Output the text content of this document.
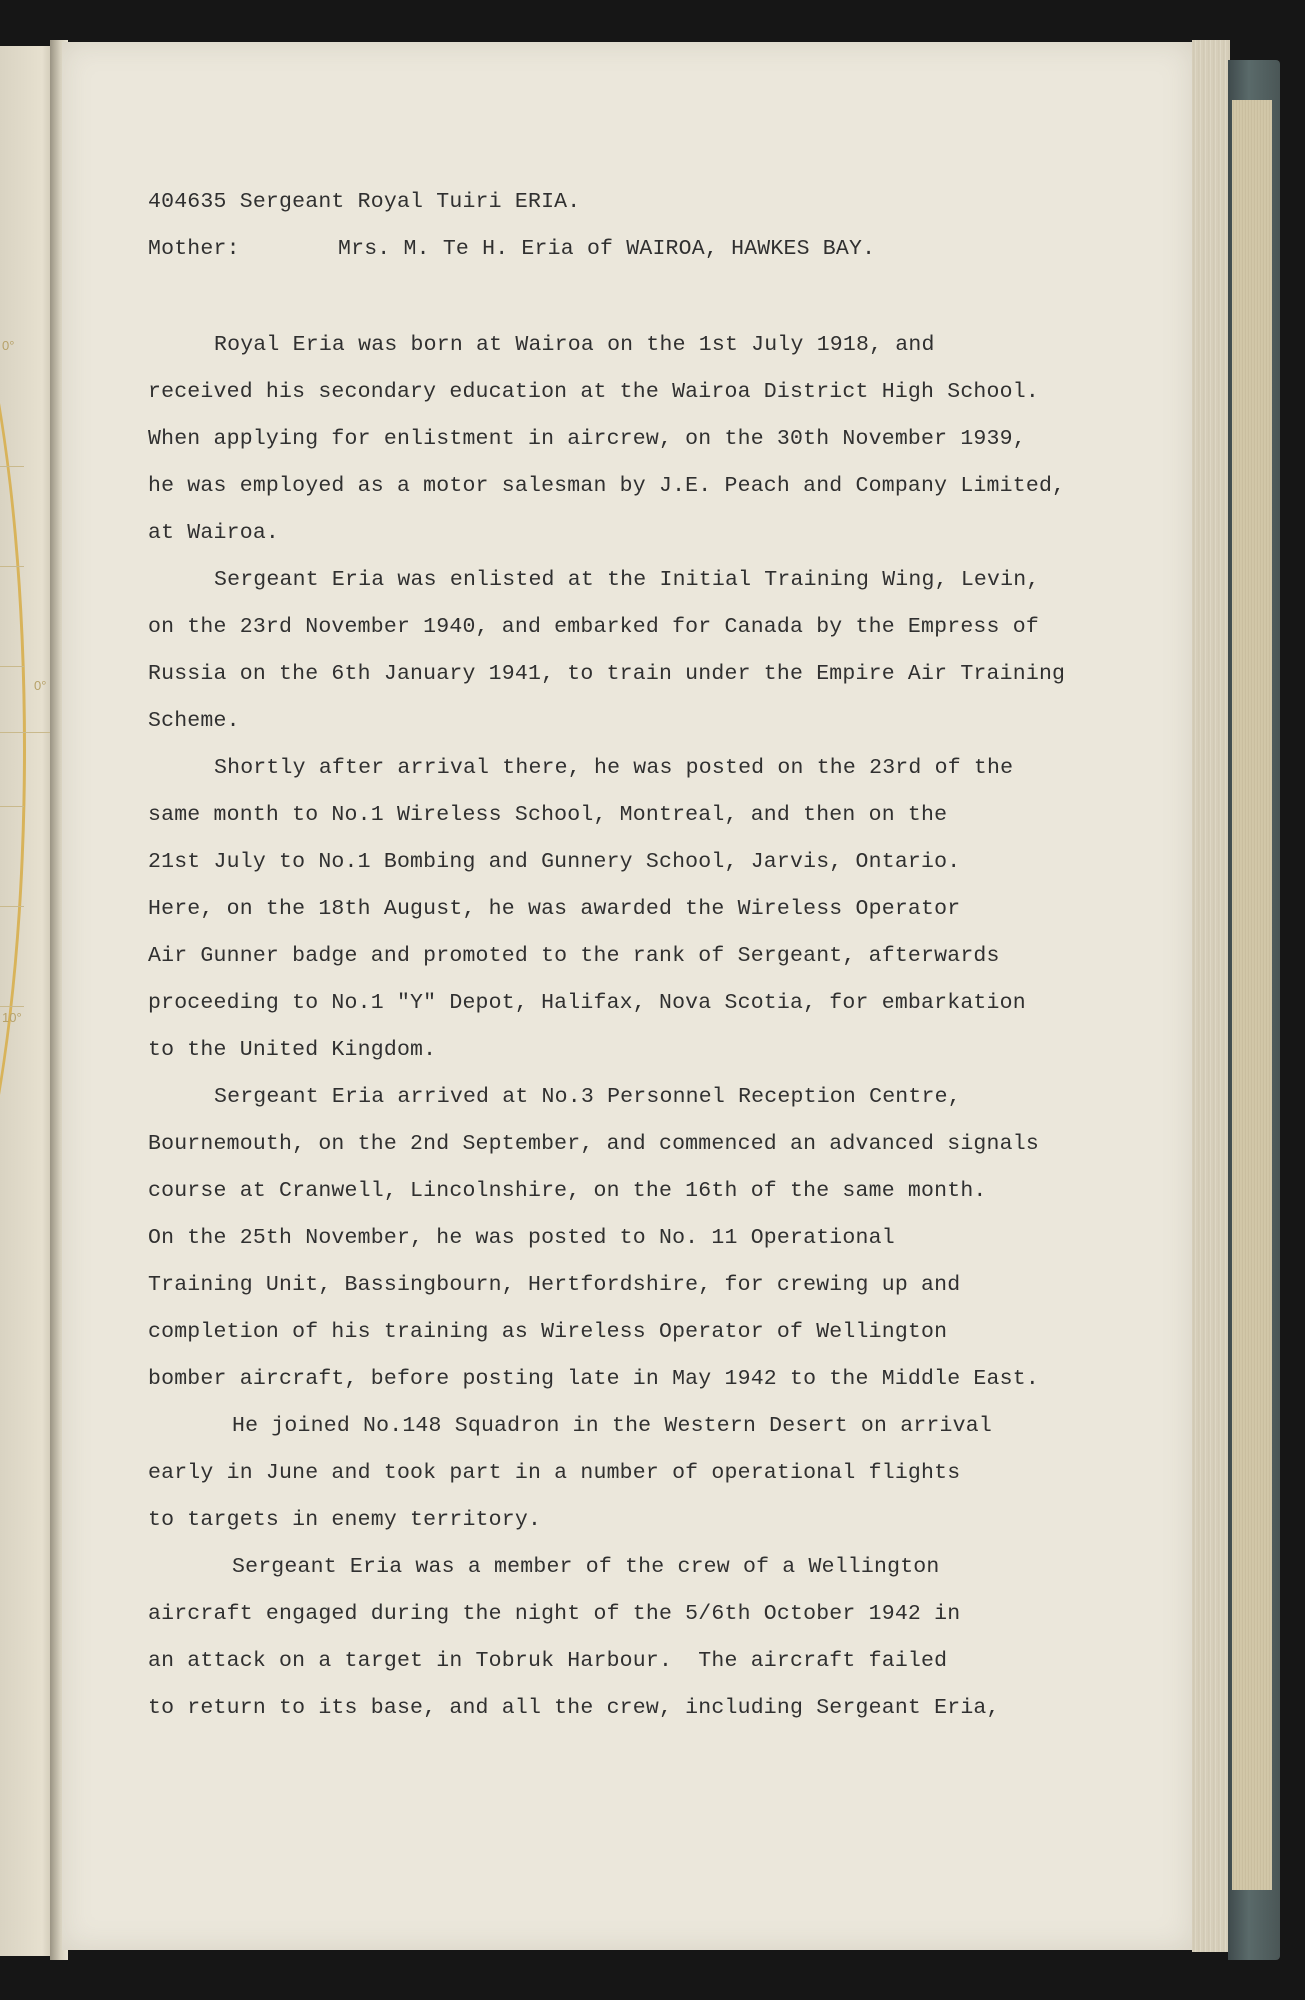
0°
0°
10°
404635 Sergeant Royal Tuiri ERIA.
Mother:	Mrs. M. Te H. Eria of WAIROA, HAWKES BAY.
Royal Eria was born at Wairoa on the 1st July 1918, and
received his secondary education at the Wairoa District High School.
When applying for enlistment in aircrew, on the 30th November 1939,
he was employed as a motor salesman by J.E. Peach and Company Limited,
at Wairoa.
Sergeant Eria was enlisted at the Initial Training Wing, Levin,
on the 23rd November 1940, and embarked for Canada by the Empress of
Russia on the 6th January 1941, to train under the Empire Air Training
Scheme.
Shortly after arrival there, he was posted on the 23rd of the
same month to No.1 Wireless School, Montreal, and then on the
21st July to No.1 Bombing and Gunnery School, Jarvis, Ontario.
Here, on the 18th August, he was awarded the Wireless Operator
Air Gunner badge and promoted to the rank of Sergeant, afterwards
proceeding to No.1 "Y" Depot, Halifax, Nova Scotia, for embarkation
to the United Kingdom.
Sergeant Eria arrived at No.3 Personnel Reception Centre,
Bournemouth, on the 2nd September, and commenced an advanced signals
course at Cranwell, Lincolnshire, on the 16th of the same month.
On the 25th November, he was posted to No. 11 Operational
Training Unit, Bassingbourn, Hertfordshire, for crewing up and
completion of his training as Wireless Operator of Wellington
bomber aircraft, before posting late in May 1942 to the Middle East.
He joined No.148 Squadron in the Western Desert on arrival
early in June and took part in a number of operational flights
to targets in enemy territory.
Sergeant Eria was a member of the crew of a Wellington
aircraft engaged during the night of the 5/6th October 1942 in
an attack on a target in Tobruk Harbour.  The aircraft failed
to return to its base, and all the crew, including Sergeant Eria,
